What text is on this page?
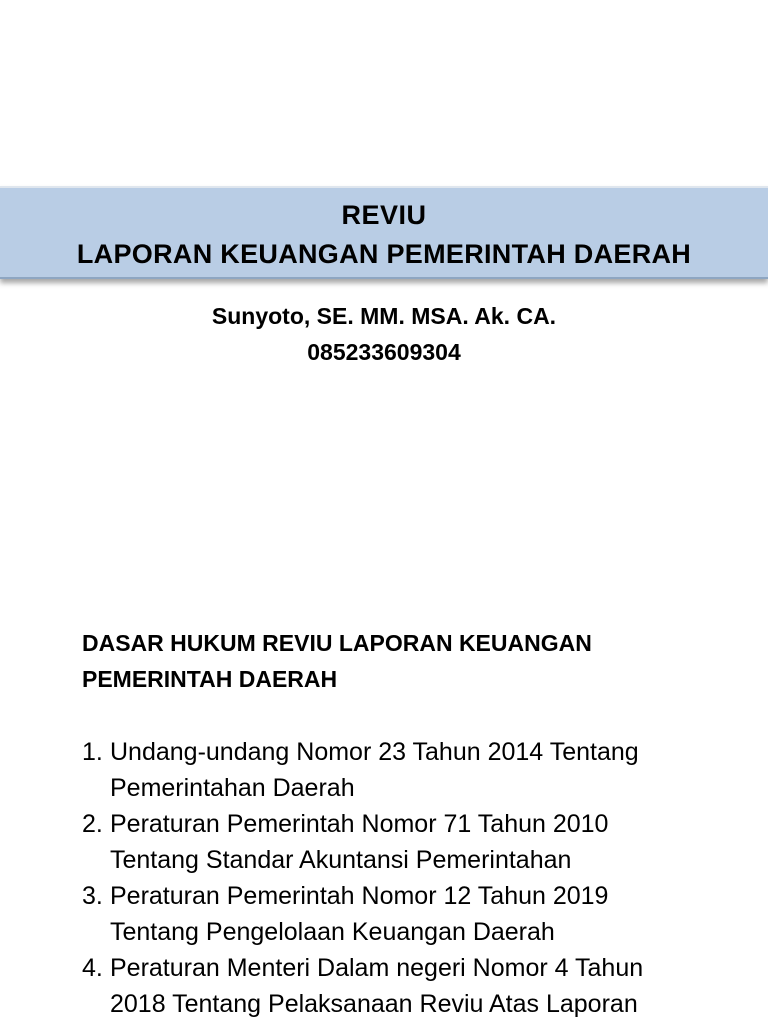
REVIU
LAPORAN KEUANGAN PEMERINTAH DAERAH
Sunyoto, SE. MM. MSA. Ak. CA.
085233609304
DASAR HUKUM REVIU LAPORAN KEUANGAN
PEMERINTAH DAERAH
1. Undang-undang Nomor 23 Tahun 2014 Tentang
Pemerintahan Daerah
2. Peraturan Pemerintah Nomor 71 Tahun 2010
Tentang Standar Akuntansi Pemerintahan
3. Peraturan Pemerintah Nomor 12 Tahun 2019
Tentang Pengelolaan Keuangan Daerah
4. Peraturan Menteri Dalam negeri Nomor 4 Tahun
2018 Tentang Pelaksanaan Reviu Atas Laporan
